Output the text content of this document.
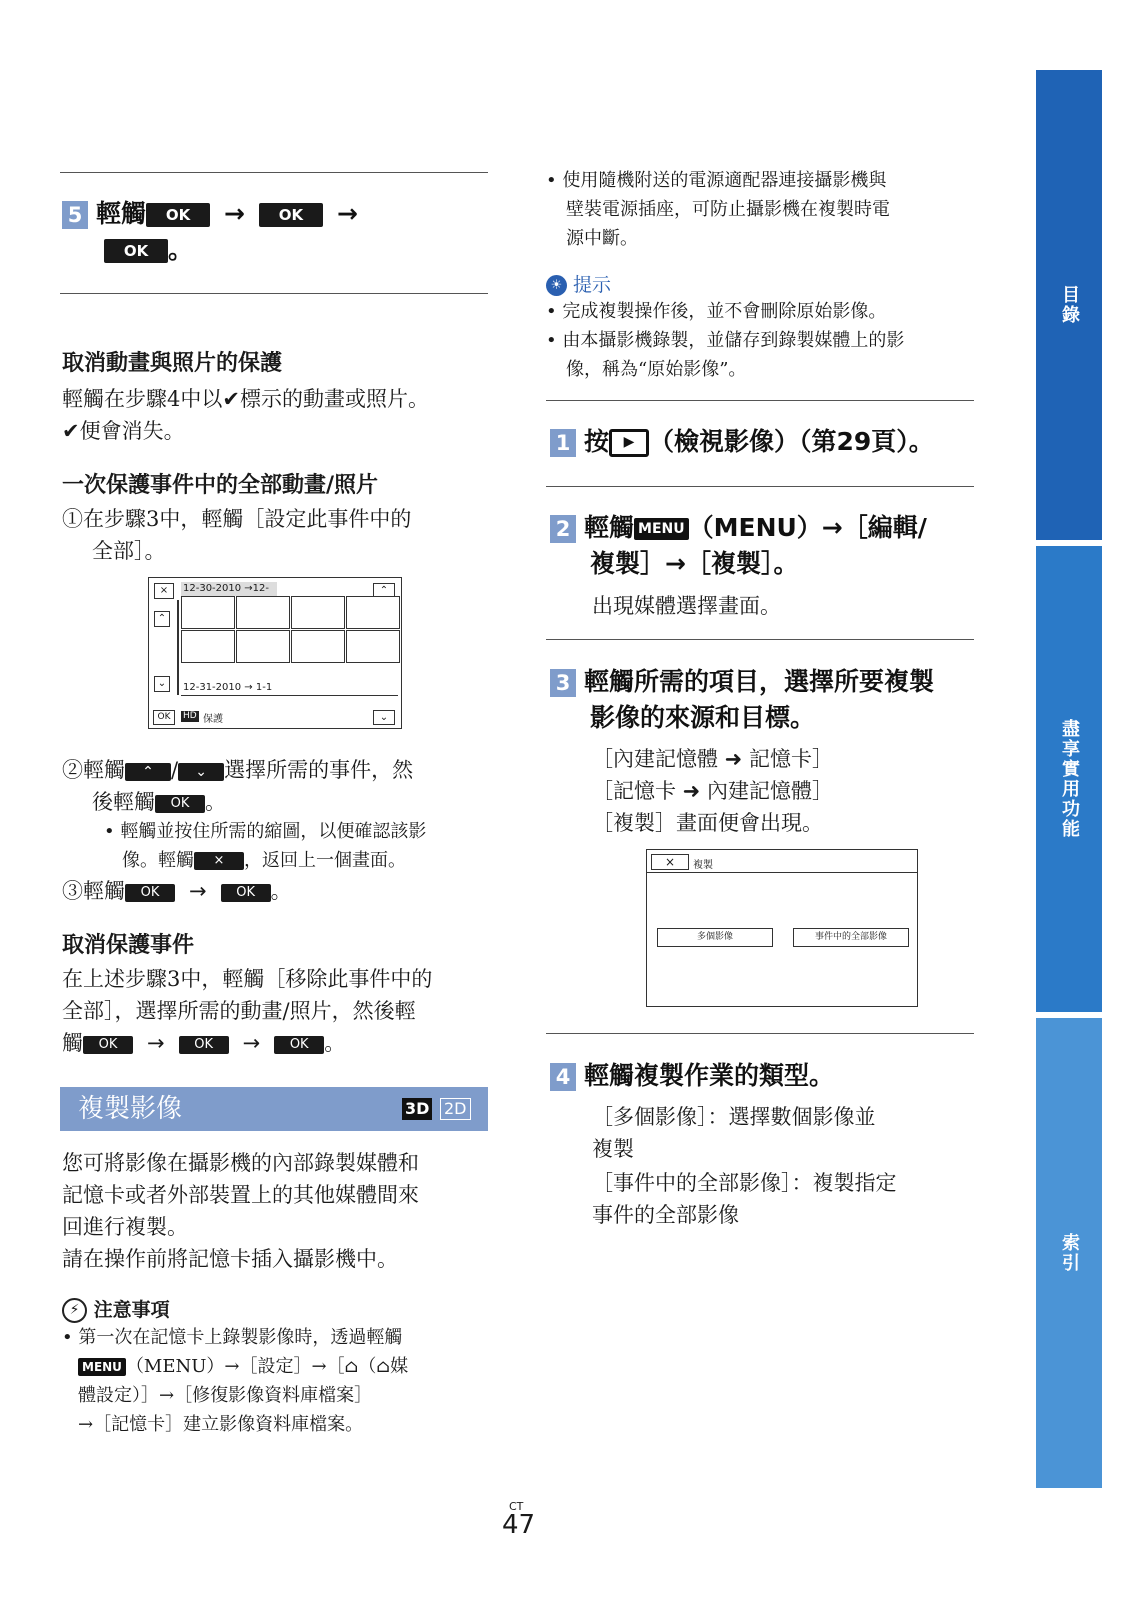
5 輕觸 OK → OK →
OK 。
取消動畫與照片的保護
輕觸在步驟4中以✔標示的動畫或照片。
✔便會消失。
一次保護事件中的全部動畫/照片
①在步驟3中，輕觸［設定此事件中的
全部］。
×	12-30-2010 →12-	⌃
⌃
⌄	12-31-2010 → 1-1
OK	HD 保護	⌄
②輕觸 ⌃ / ⌄ 選擇所需的事件，然
後輕觸 OK 。
• 輕觸並按住所需的縮圖，以便確認該影
像。輕觸 × ，返回上一個畫面。
③輕觸 OK → OK 。
取消保護事件
在上述步驟3中，輕觸［移除此事件中的
全部］，選擇所需的動畫/照片，然後輕
觸 OK → OK → OK 。
複製影像	3D 2D
您可將影像在攝影機的內部錄製媒體和
記憶卡或者外部裝置上的其他媒體間來
回進行複製。
請在操作前將記憶卡插入攝影機中。
⚡ 注意事項
• 第一次在記憶卡上錄製影像時，透過輕觸
MENU （MENU）→［設定］→［⌂（⌂媒
體設定）］→［修復影像資料庫檔案］
→［記憶卡］建立影像資料庫檔案。
• 使用隨機附送的電源適配器連接攝影機與
壁裝電源插座，可防止攝影機在複製時電
源中斷。
☀ 提示
• 完成複製操作後，並不會刪除原始影像。
• 由本攝影機錄製，並儲存到錄製媒體上的影
像，稱為“原始影像”。
1 按 ▶ （檢視影像）（第29頁）。
2 輕觸 MENU （MENU）→［編輯/
複製］→［複製］。
出現媒體選擇畫面。
3 輕觸所需的項目，選擇所要複製
影像的來源和目標。
［內建記憶體 ➜ 記憶卡］
［記憶卡 ➜ 內建記憶體］
［複製］畫面便會出現。
×	複製
多個影像	事件中的全部影像
4 輕觸複製作業的類型。
［多個影像］：選擇數個影像並
複製
［事件中的全部影像］：複製指定
事件的全部影像
目錄
盡享實用功能
索引
CT
47
